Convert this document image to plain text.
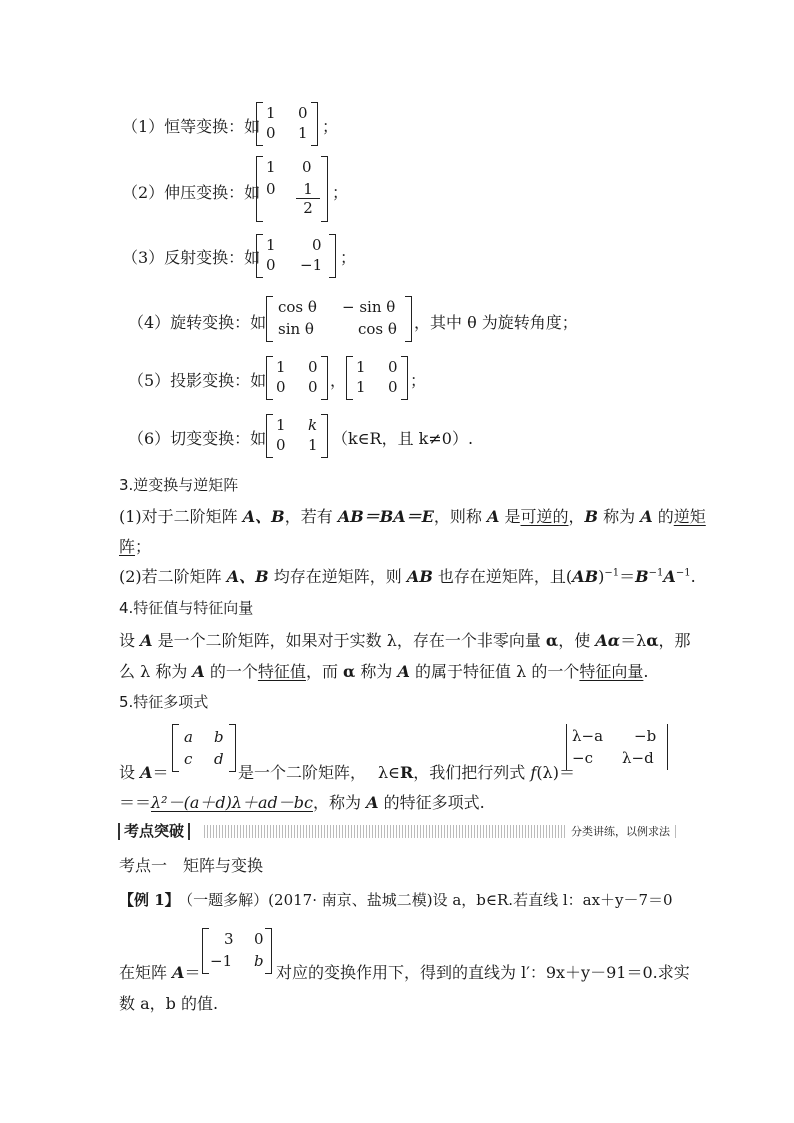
（1）恒等变换：如
1 0
0 1 ；
（2）伸压变换：如
1 0
$0 \frac{1}{2}$ ；
（3）反射变换：如
1 0
0 −1 ；
（4）旋转变换：如
cos θ − sin θ
sin θ	cos θ ，其中 θ 为旋转角度；
（5）投影变换：如
1 0
0 0 ，
1 0
1 0 ；
（6）切变变换：如
1 k
0 1 （k∈R，且 k≠0）.
3.逆变换与逆矩阵
(1)对于二阶矩阵 A、B，若有 AB＝BA＝E，则称 A 是可逆的，B 称为 A 的逆矩
阵；
(2)若二阶矩阵 A、B 均存在逆矩阵，则 AB 也存在逆矩阵，且$(AB)^{-1}=B^{-1}A^{-1}$.
4.特征值与特征向量
设 A 是一个二阶矩阵，如果对于实数 λ，存在一个非零向量 α，使 Aα＝λα，那
么 λ 称为 A 的一个特征值，而 α 称为 A 的属于特征值 λ 的一个特征向量.
5.特征多项式
设 A＝
a b
c d
是一个二阶矩阵， λ∈R，我们把行列式 f(λ)＝
λ−a −b
−c λ−d
＝＝λ²－(a＋d)λ＋ad－bc，称为 A 的特征多项式.
考点突破	分类讲练，以例求法
考点一　矩阵与变换
【例 1】 （一题多解）(2017· 南京、盐城二模)设 a，b∈R.若直线 l：ax＋y－7＝0
在矩阵 A＝
3 0
−1 b
对应的变换作用下，得到的直线为 l′：9x＋y－91＝0.求实
数 a，b 的值.
